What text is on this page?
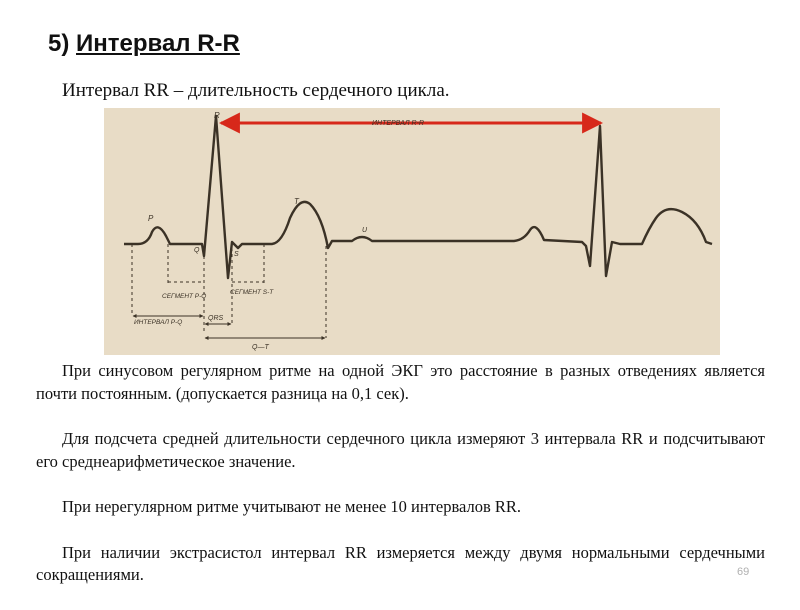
5) Интервал R-R
Интервал RR – длительность сердечного цикла.
R
P
Q
S
T
U
ИНТЕРВАЛ R-R
СЕГМЕНТ P-Q
СЕГМЕНТ S-T
ИНТЕРВАЛ P-Q
QRS
Q—T

При синусовом регулярном ритме на одной ЭКГ это расстояние в разных отведениях является почти постоянным. (допускается разница на 0,1 сек).

Для подсчета средней длительности сердечного цикла измеряют 3 интервала RR и подсчитывают его среднеарифметическое значение.

При нерегулярном ритме учитывают не менее 10 интервалов RR.

При наличии экстрасистол интервал RR измеряется между двумя нормальными сердечными сокращениями.	69
